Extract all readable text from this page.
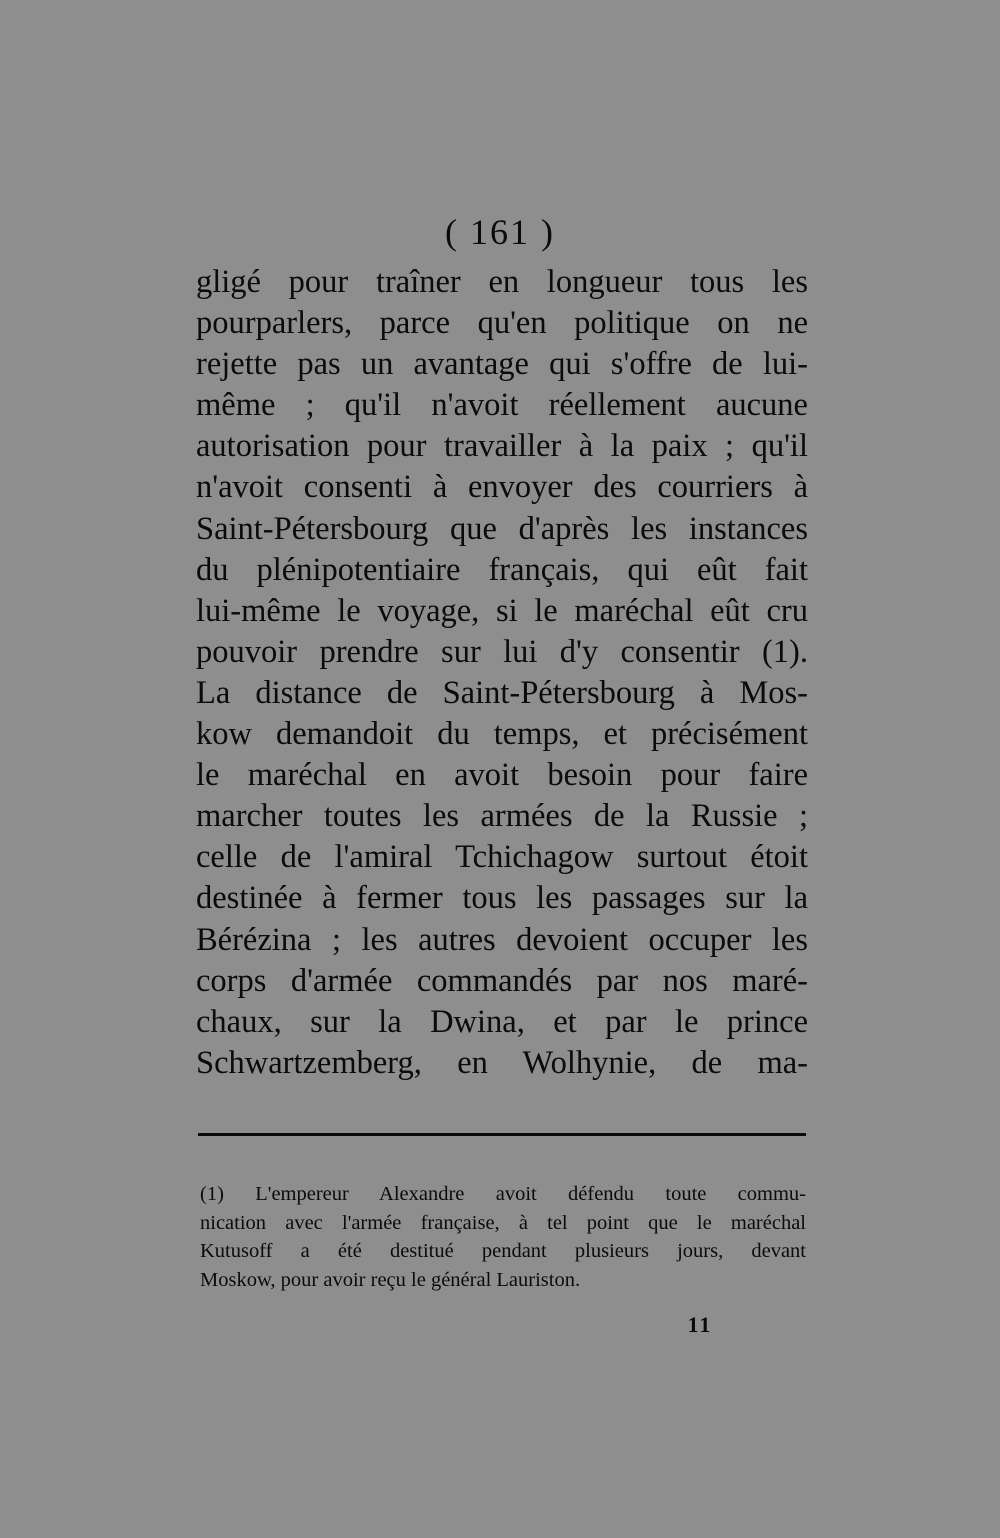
( 161 )
gligé pour traîner en longueur tous les
pourparlers, parce qu'en politique on ne
rejette pas un avantage qui s'offre de lui-
même ; qu'il n'avoit réellement aucune
autorisation pour travailler à la paix ; qu'il
n'avoit consenti à envoyer des courriers à
Saint-Pétersbourg que d'après les instances
du plénipotentiaire français, qui eût fait
lui-même le voyage, si le maréchal eût cru
pouvoir prendre sur lui d'y consentir (1).
La distance de Saint-Pétersbourg à Mos-
kow demandoit du temps, et précisément
le maréchal en avoit besoin pour faire
marcher toutes les armées de la Russie ;
celle de l'amiral Tchichagow surtout étoit
destinée à fermer tous les passages sur la
Bérézina ; les autres devoient occuper les
corps d'armée commandés par nos maré-
chaux, sur la Dwina, et par le prince
Schwartzemberg, en Wolhynie, de ma-
(1) L'empereur Alexandre avoit défendu toute commu-
nication avec l'armée française, à tel point que le maréchal
Kutusoff a été destitué pendant plusieurs jours, devant
Moskow, pour avoir reçu le général Lauriston.
11
